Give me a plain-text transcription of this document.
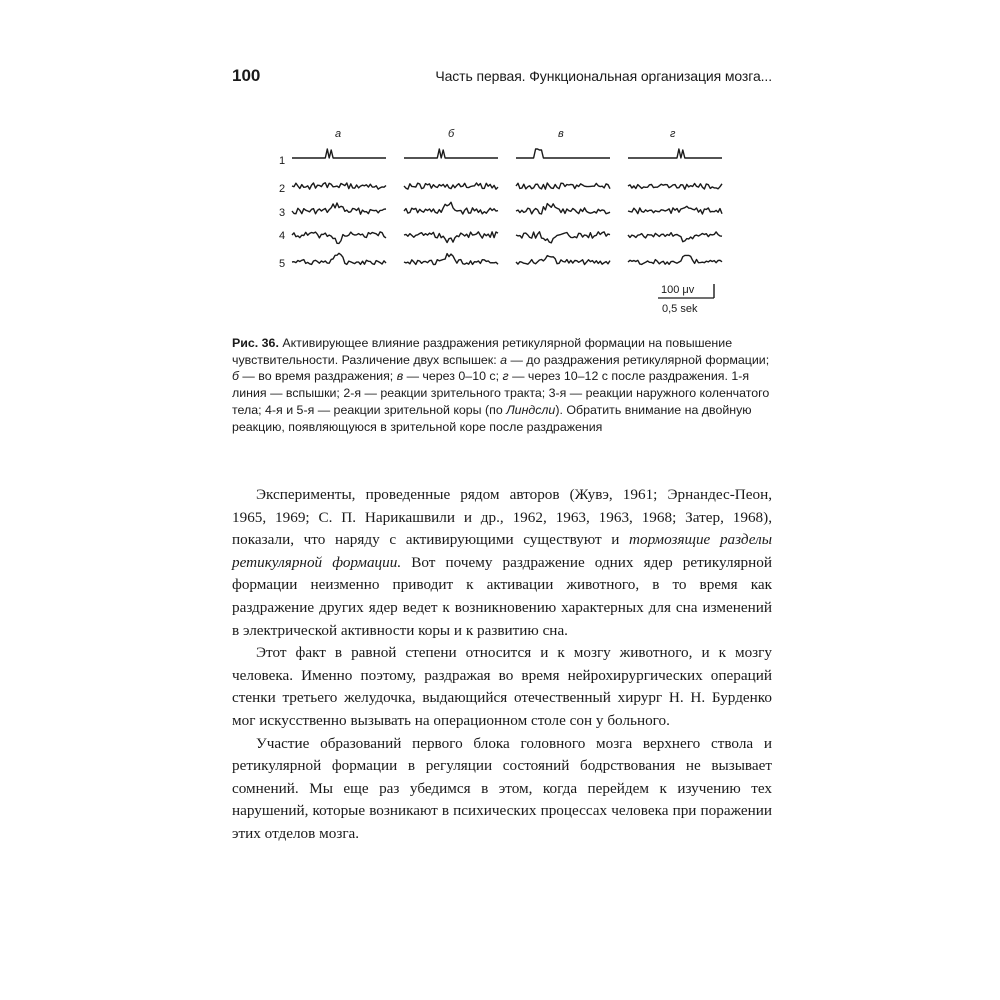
100	Часть первая. Функциональная организация мозга...
а	б	в	г
1
2
3
4
5
100 μv
0,5 sek
Рис. 36. Активирующее влияние раздражения ретикулярной формации на повышение чувствительности. Различение двух вспышек: а — до раздражения ретикулярной формации; б — во время раздражения; в — через 0–10 с; г — через 10–12 с после раздражения. 1-я линия — вспышки; 2-я — реакции зрительного тракта; 3-я — реакции наружного коленчатого тела; 4-я и 5-я — реакции зрительной коры (по Линдсли). Обратить внимание на двойную реакцию, появляющуюся в зрительной коре после раздражения

Эксперименты, проведенные рядом авторов (Жувэ, 1961; Эрнандес-Пеон, 1965, 1969; С. П. Нарикашвили и др., 1962, 1963, 1963, 1968; Затер, 1968), показали, что наряду с активирующими существуют и тормозящие разделы ретикулярной формации. Вот почему раздражение одних ядер ретикулярной формации неизменно приводит к активации животного, в то время как раздражение других ядер ведет к возникновению характерных для сна изменений в электрической активности коры и к развитию сна.

Этот факт в равной степени относится и к мозгу животного, и к мозгу человека. Именно поэтому, раздражая во время нейрохирургических операций стенки третьего желудочка, выдающийся отечественный хирург Н. Н. Бурденко мог искусственно вызывать на операционном столе сон у больного.

Участие образований первого блока головного мозга верхнего ствола и ретикулярной формации в регуляции состояний бодрствования не вызывает сомнений. Мы еще раз убедимся в этом, когда перейдем к изучению тех нарушений, которые возникают в психических процессах человека при поражении этих отделов мозга.
